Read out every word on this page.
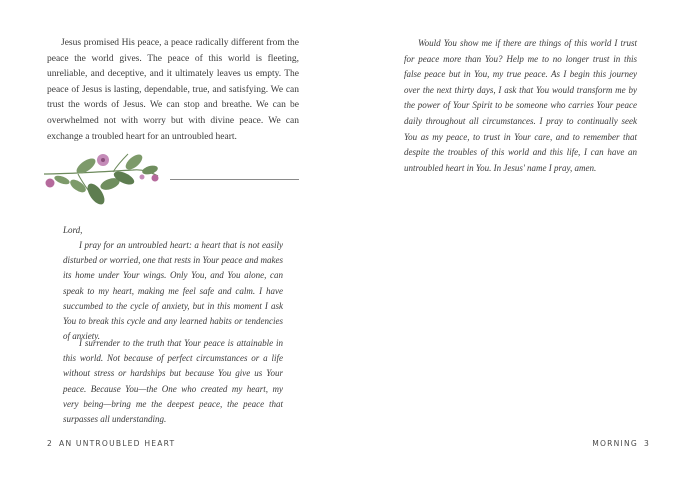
Jesus promised His peace, a peace radically different from the peace the world gives. The peace of this world is fleeting, unreliable, and deceptive, and it ultimately leaves us empty. The peace of Jesus is lasting, dependable, true, and satisfying. We can trust the words of Jesus. We can stop and breathe. We can be overwhelmed not with worry but with divine peace. We can exchange a troubled heart for an untroubled heart.

Lord,

I pray for an untroubled heart: a heart that is not easily disturbed or worried, one that rests in Your peace and makes its home under Your wings. Only You, and You alone, can speak to my heart, making me feel safe and calm. I have succumbed to the cycle of anxiety, but in this moment I ask You to break this cycle and any learned habits or tendencies of anxiety.

I surrender to the truth that Your peace is attainable in this world. Not because of perfect circumstances or a life without stress or hardships but because You give us Your peace. Because You—the One who created my heart, my very being—bring me the deepest peace, the peace that surpasses all understanding.

2 AN UNTROUBLED HEART

Would You show me if there are things of this world I trust for peace more than You? Help me to no longer trust in this false peace but in You, my true peace. As I begin this journey over the next thirty days, I ask that You would transform me by the power of Your Spirit to be someone who carries Your peace daily throughout all circumstances. I pray to continually seek You as my peace, to trust in Your care, and to remember that despite the troubles of this world and this life, I can have an untroubled heart in You. In Jesus' name I pray, amen.

MORNING 3
